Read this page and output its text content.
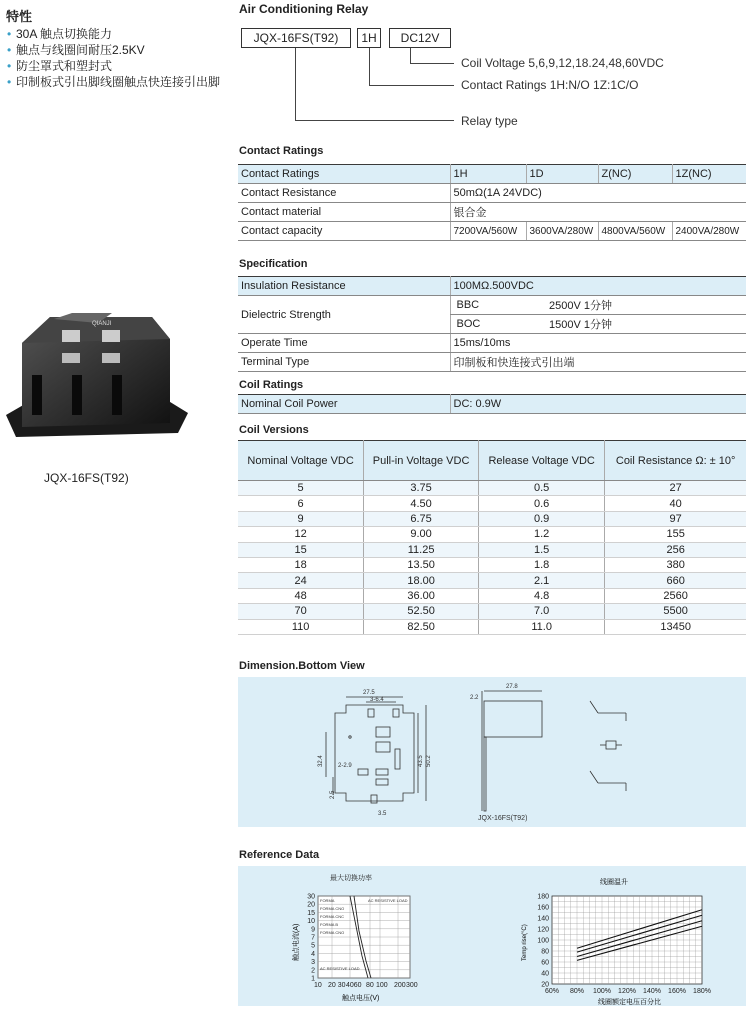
特性
• 30A 触点切换能力
• 触点与线圈间耐压2.5KV
• 防尘罩式和塑封式
• 印制板式引出脚线圈触点快连接引出脚
QIANJI
JQX-16FS(T92)
Air Conditioning Relay
JQX-16FS(T92)	1H	DC12V
Coil Voltage 5,6,9,12,18.24,48,60VDC
Contact Ratings 1H:N/O 1Z:1C/O
Relay type
Contact Ratings
Contact Ratings	1H	1D	Z(NC)	1Z(NC)
Contact Resistance	50mΩ(1A 24VDC)			
Contact material	银合金			
Contact capacity	7200VA/560W	3600VA/280W	4800VA/560W	2400VA/280W
Specification
Insulation Resistance	100MΩ.500VDC	
Dielectric Strength	BBC	2500V 1分钟
	BOC	1500V 1分钟
Operate Time	15ms/10ms	
Terminal Type	印制板和快连接式引出端	
Coil Ratings
Nominal Coil Power	DC: 0.9W
Coil Versions
Nominal Voltage VDC	Pull-in Voltage VDC	Release Voltage VDC	Coil Resistance Ω: ± 10°
5	3.75	0.5	27
6	4.50	0.6	40
9	6.75	0.9	97
12	9.00	1.2	155
15	11.25	1.5	256
18	13.50	1.8	380
24	18.00	2.1	660
48	36.00	4.8	2560
70	52.50	7.0	5500
110	82.50	11.0	13450
Dimension.Bottom View
27.5
3-6.4
32.4	43.5 50.2
2-2.9
2.5
3.5
27.8
2.2
JQX-16FS(T92)
Reference Data
最大切换功率
FORMA
FORMA CNO
FORMA CNC
FORMA B
FORMA CNO
AC RESISTIVE LOAD
AC RESISTIVE LOAD
30
20
15
10
9
7
5
4
3
2
1
10 20 30 4060 80 100 200 300
触点电流(A)
触点电压(V)
线圈温升
180
160
140
120
100
80
60
40
20
60% 80% 100% 120% 140% 160% 180%
Temp rise(°C)
线圈额定电压百分比
